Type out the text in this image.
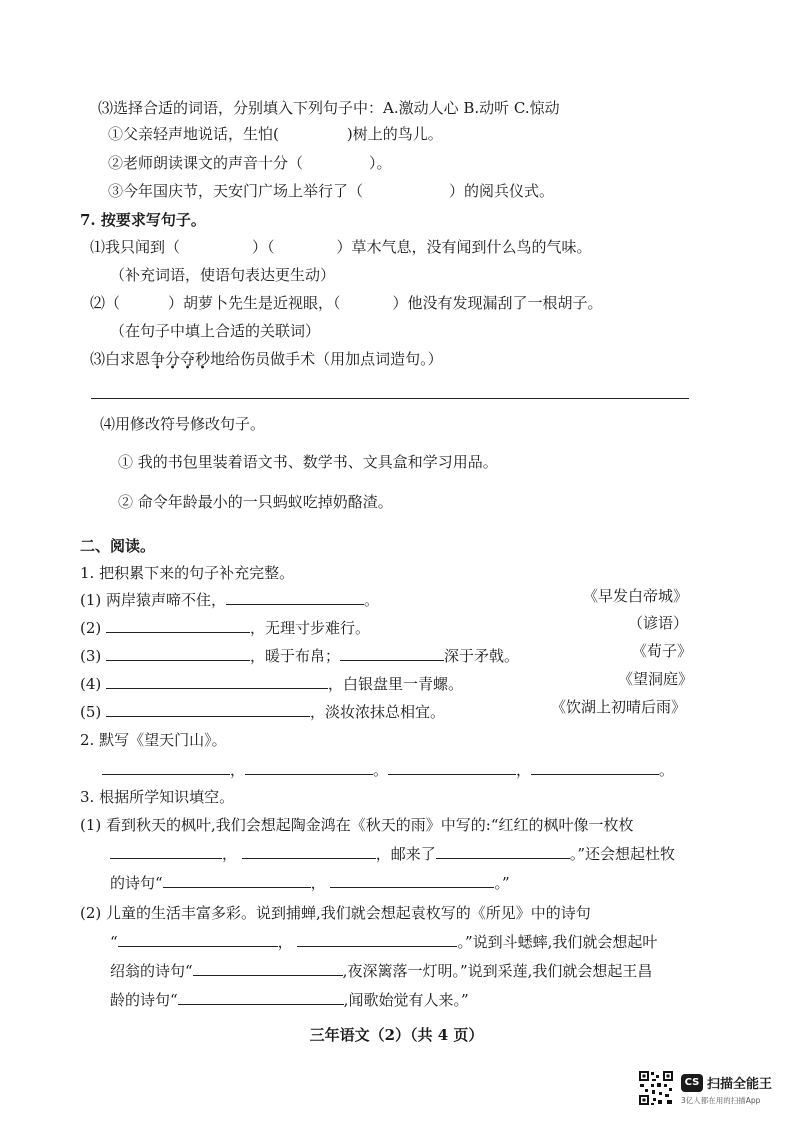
⑶选择合适的词语，分别填入下列句子中：A.激动人心 B.动听 C.惊动
①父亲轻声地说话，生怕(	)树上的鸟儿。
②老师朗读课文的声音十分（	）。
③今年国庆节，天安门广场上举行了（	）的阅兵仪式。
7. 按要求写句子。
⑴我只闻到（	）（	）草木气息，没有闻到什么鸟的气味。
（补充词语，使语句表达更生动）
⑵（	）胡萝卜先生是近视眼，（	）他没有发现漏刮了一根胡子。
（在句子中填上合适的关联词）
⑶白求恩争分夺秒地给伤员做手术（用加点词造句。）
⑷用修改符号修改句子。
① 我的书包里装着语文书、数学书、文具盒和学习用品。
② 命令年龄最小的一只蚂蚁吃掉奶酪渣。
二、阅读。
1. 把积累下来的句子补充完整。
(1) 两岸猿声啼不住，	。	《早发白帝城》
(2)	，无理寸步难行。	（谚语）
(3)	，暖于布帛；	深于矛戟。	《荀子》
(4)	，白银盘里一青螺。	《望洞庭》
(5)	，淡妆浓抹总相宜。	《饮湖上初晴后雨》
2. 默写《望天门山》。
，	。	，	。
3. 根据所学知识填空。
(1) 看到秋天的枫叶,我们会想起陶金鸿在《秋天的雨》中写的:“红红的枫叶像一枚枚
，	，邮来了	。”还会想起杜牧
的诗句“	，	。”
(2) 儿童的生活丰富多彩。说到捕蝉,我们就会想起袁枚写的《所见》中的诗句
“	，	。”说到斗蟋蟀,我们就会想起叶
绍翁的诗句“	,夜深篱落一灯明。”说到采莲,我们就会想起王昌
龄的诗句“	,闻歌始觉有人来。”
三年语文（2）（共 4 页）
CS 扫描全能王
3亿人都在用的扫描App
